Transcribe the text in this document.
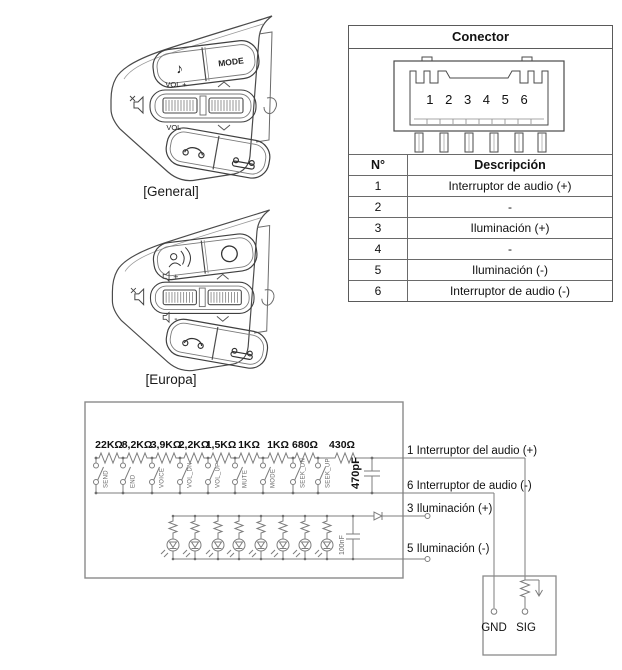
♪	MODE
VOL +
VOL -
[General]
+
-
[Europa]
Conector
1 2 3 4 5 6
N°	Descripción
1	Interruptor de audio (+)
2	-
3	Iluminación (+)
4	-
5	Iluminación (-)
6	Interruptor de audio (-)
22KΩ
8,2KΩ
3,9KΩ
2,2KΩ
1,5KΩ 1KΩ 1KΩ 680Ω 430Ω
SEND	END	VOICE	VOL_DN	VOL_UP	MUTE	MODE	SEEK_DN	SEEK_UP 470pF
100nF
1 Interruptor del audio (+)
6 Interruptor de audio (-)
3 Iluminación (+)
5 Iluminación (-)
GND SIG
